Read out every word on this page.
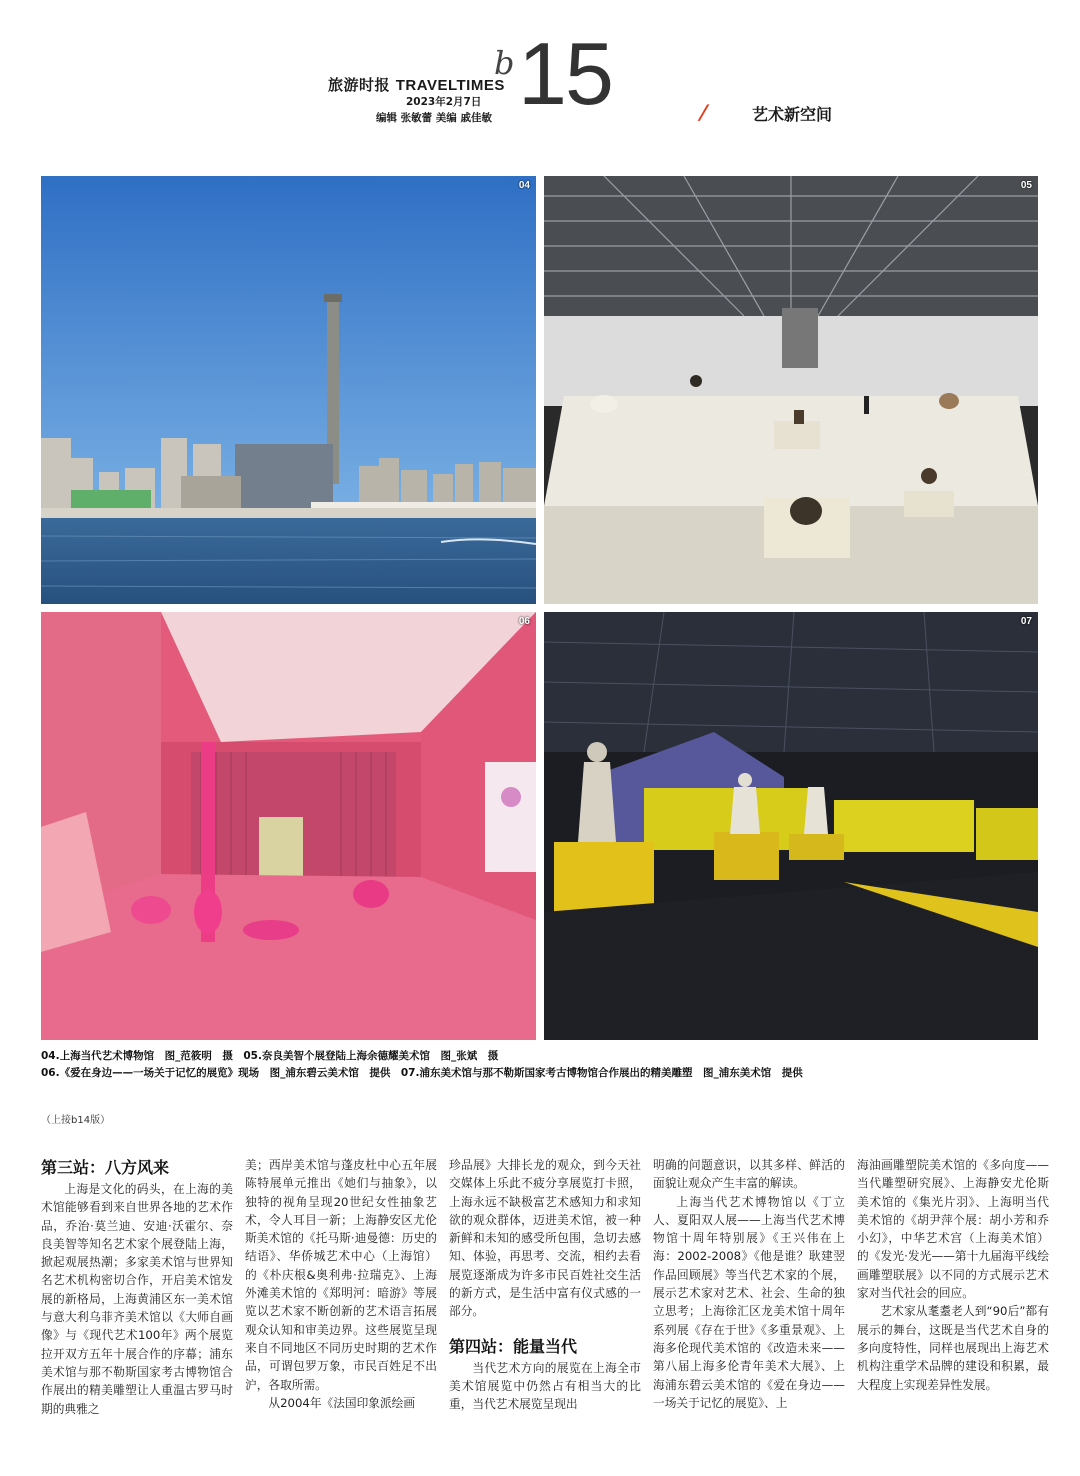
旅游时报 TRAVELTIMES
2023年2月7日
编辑 张敏蕾 美编 戚佳敏
b 15	/	艺术新空间
04	05
06	07
04.上海当代艺术博物馆　图_范筱明　摄　05.奈良美智个展登陆上海余德耀美术馆　图_张斌　摄
06.《爱在身边——一场关于记忆的展览》现场　图_浦东碧云美术馆　提供　07.浦东美术馆与那不勒斯国家考古博物馆合作展出的精美雕塑　图_浦东美术馆　提供
（上接b14版）
第三站：八方风来

上海是文化的码头，在上海的美术馆能够看到来自世界各地的艺术作品，乔治·莫兰迪、安迪·沃霍尔、奈良美智等知名艺术家个展登陆上海，掀起观展热潮；多家美术馆与世界知名艺术机构密切合作，开启美术馆发展的新格局，上海黄浦区东一美术馆与意大利乌菲齐美术馆以《大师自画像》与《现代艺术100年》两个展览拉开双方五年十展合作的序幕；浦东美术馆与那不勒斯国家考古博物馆合作展出的精美雕塑让人重温古罗马时期的典雅之

美；西岸美术馆与蓬皮杜中心五年展陈特展单元推出《她们与抽象》，以独特的视角呈现20世纪女性抽象艺术，令人耳目一新；上海静安区尤伦斯美术馆的《托马斯·迪曼德：历史的结语》、华侨城艺术中心（上海馆）的《朴庆根&奥利弗·拉瑞克》、上海外滩美术馆的《郑明河：暗游》等展览以艺术家不断创新的艺术语言拓展观众认知和审美边界。这些展览呈现来自不同地区不同历史时期的艺术作品，可谓包罗万象，市民百姓足不出沪，各取所需。

从2004年《法国印象派绘画

珍品展》大排长龙的观众，到今天社交媒体上乐此不疲分享展览打卡照，上海永远不缺极富艺术感知力和求知欲的观众群体，迈进美术馆，被一种新鲜和未知的感受所包围，急切去感知、体验，再思考、交流，相约去看展览逐渐成为许多市民百姓社交生活的新方式，是生活中富有仪式感的一部分。

第四站：能量当代

当代艺术方向的展览在上海全市美术馆展览中仍然占有相当大的比重，当代艺术展览呈现出

明确的问题意识，以其多样、鲜活的面貌让观众产生丰富的解读。

上海当代艺术博物馆以《丁立人、夏阳双人展——上海当代艺术博物馆十周年特别展》《王兴伟在上海：2002-2008》《他是谁？耿建翌作品回顾展》等当代艺术家的个展，展示艺术家对艺术、社会、生命的独立思考；上海徐汇区龙美术馆十周年系列展《存在于世》《多重景观》、上海多伦现代美术馆的《改造未来——第八届上海多伦青年美术大展》、上海浦东碧云美术馆的《爱在身边——一场关于记忆的展览》、上

海油画雕塑院美术馆的《多向度——当代雕塑研究展》、上海静安尤伦斯美术馆的《集光片羽》、上海明当代美术馆的《胡尹萍个展：胡小芳和乔小幻》，中华艺术宫（上海美术馆）的《发光·发光——第十九届海平线绘画雕塑联展》以不同的方式展示艺术家对当代社会的回应。

艺术家从耄耋老人到“90后”都有展示的舞台，这既是当代艺术自身的多向度特性，同样也展现出上海艺术机构注重学术品牌的建设和积累，最大程度上实现差异性发展。
